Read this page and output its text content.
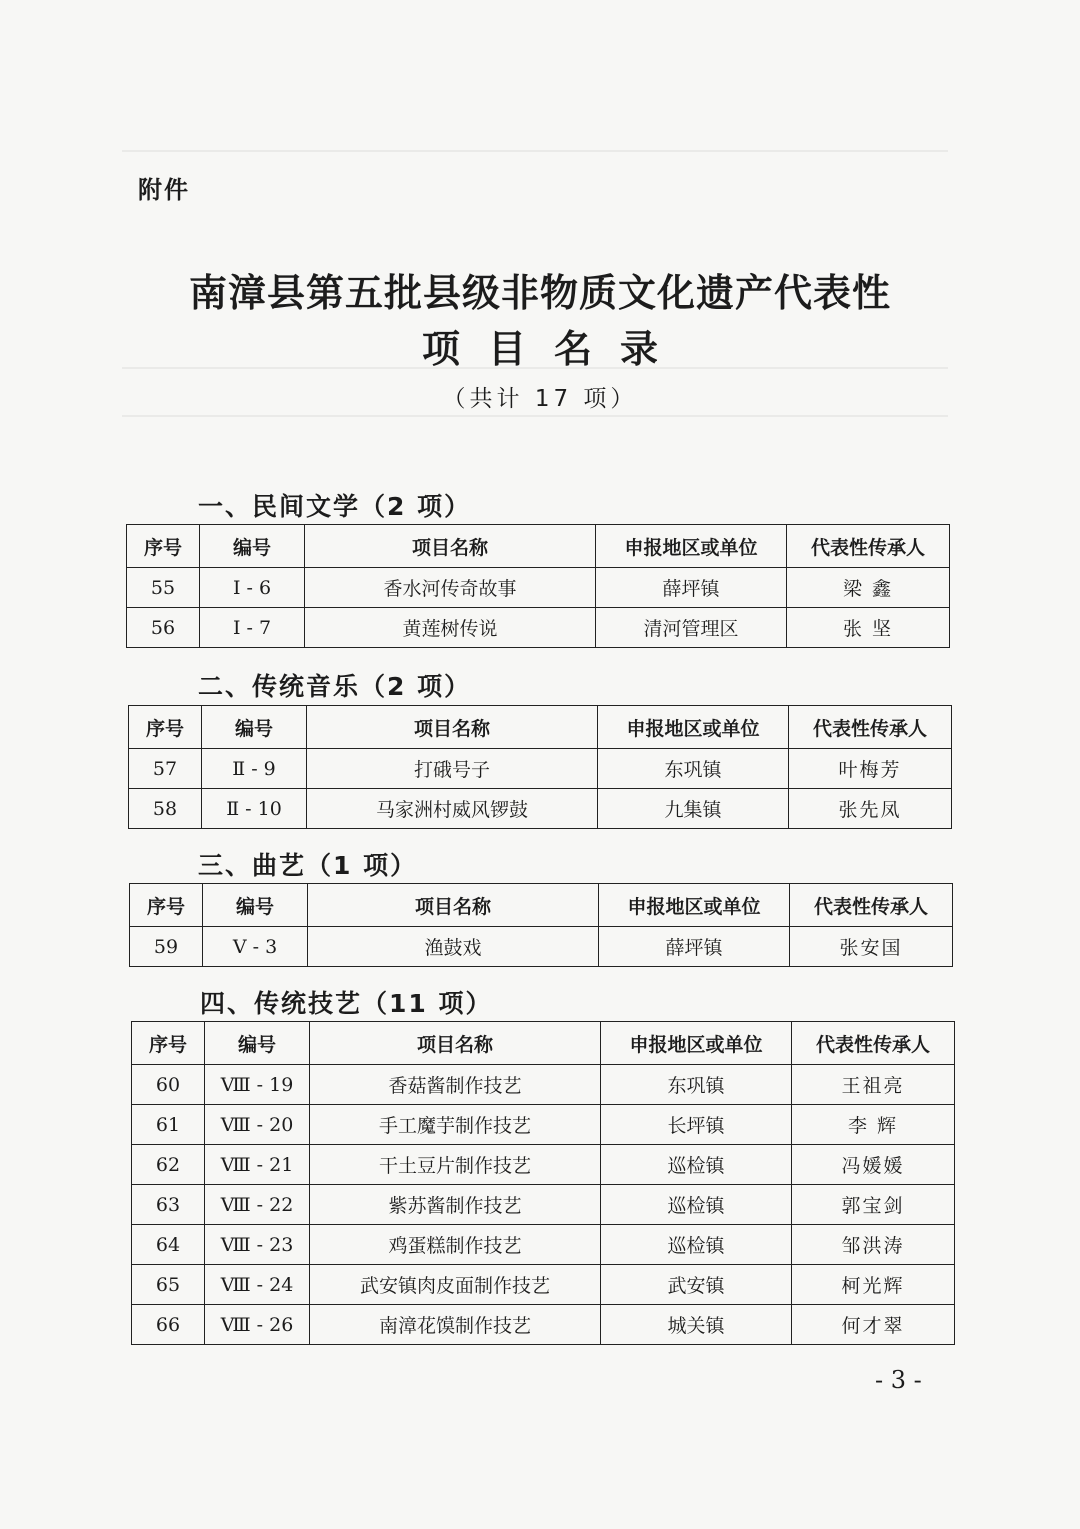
附件
南漳县第五批县级非物质文化遗产代表性
项目名录
（共计 17 项）
一、民间文学（2 项）
序号	编号	项目名称	申报地区或单位	代表性传承人
55	Ⅰ - 6	香水河传奇故事	薛坪镇	梁 鑫
56	Ⅰ - 7	黄莲树传说	清河管理区	张 坚
二、传统音乐（2 项）
序号	编号	项目名称	申报地区或单位	代表性传承人
57	Ⅱ - 9	打硪号子	东巩镇	叶梅芳
58	Ⅱ - 10	马家洲村威风锣鼓	九集镇	张先凤
三、曲艺（1 项）
序号	编号	项目名称	申报地区或单位	代表性传承人
59	Ⅴ - 3	渔鼓戏	薛坪镇	张安国
四、传统技艺（11 项）
序号	编号	项目名称	申报地区或单位	代表性传承人
60	Ⅷ - 19	香菇酱制作技艺	东巩镇	王祖亮
61	Ⅷ - 20	手工魔芋制作技艺	长坪镇	李 辉
62	Ⅷ - 21	干土豆片制作技艺	巡检镇	冯媛媛
63	Ⅷ - 22	紫苏酱制作技艺	巡检镇	郭宝剑
64	Ⅷ - 23	鸡蛋糕制作技艺	巡检镇	邹洪涛
65	Ⅷ - 24	武安镇肉皮面制作技艺	武安镇	柯光辉
66	Ⅷ - 26	南漳花馍制作技艺	城关镇	何才翠
- 3 -
